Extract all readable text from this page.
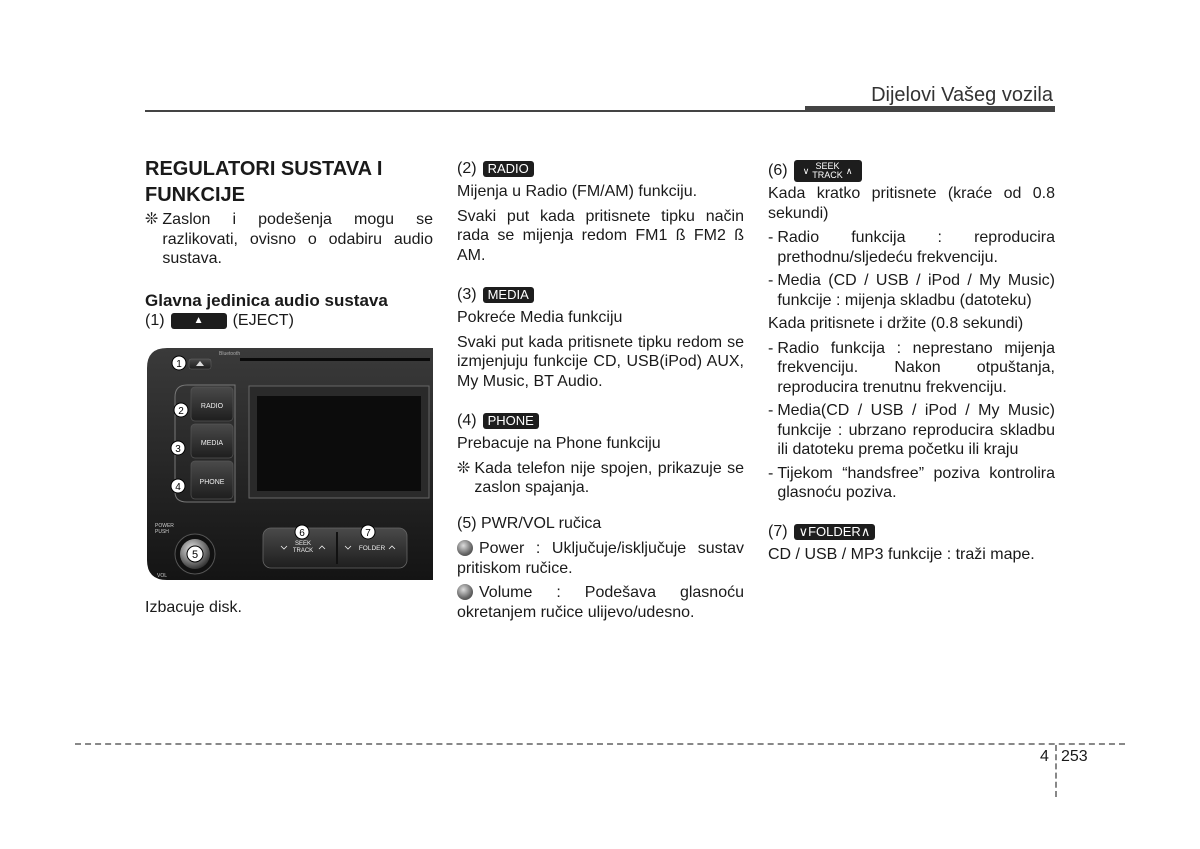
Dijelovi Vašeg vozila
REGULATORI SUSTAVA I FUNKCIJE
❊ Zaslon i podešenja mogu se razlikovati, ovisno o odabiru audio sustava.
Glavna jedinica audio sustava
(1)	▲ (EJECT)
Bluetooth
RADIO
MEDIA
PHONE
SEEK
TRACK	FOLDER
POWER
PUSH
VOL
1
2
3
4
5
6	7

Izbacuje disk.

(2) RADIO

Mijenja u Radio (FM/AM) funkciju.

Svaki put kada pritisnete tipku način rada se mijenja redom FM1 ß FM2 ß AM.

(3) MEDIA

Pokreće Media funkciju

Svaki put kada pritisnete tipku redom se izmjenjuju funkcije CD, USB(iPod) AUX, My Music, BT Audio.

(4) PHONE

Prebacuje na Phone funkciju

❊ Kada telefon nije spojen, prikazuje se zaslon spajanja.

(5) PWR/VOL ručica

Power : Uključuje/isključuje sustav pritiskom ručice.

Volume : Podešava glasnoću okretanjem ručice ulijevo/udesno.

(6) ∨ SEEK
TRACK ∧

Kada kratko pritisnete (kraće od 0.8 sekundi)

- Radio funkcija : reproducira prethodnu/sljedeću frekvenciju.
- Media (CD / USB / iPod / My Music) funkcije : mijenja skladbu (datoteku)

Kada pritisnete i držite (0.8 sekundi)

- Radio funkcija : neprestano mijenja frekvenciju. Nakon otpuštanja, reproducira trenutnu frekvenciju.
- Media(CD / USB / iPod / My Music) funkcije : ubrzano reproducira skladbu ili datoteku prema početku ili kraju
- Tijekom “handsfree” poziva kontrolira glasnoću poziva.
(7) ∨ FOLDER ∧

CD / USB / MP3 funkcije : traži mape.

4 253
